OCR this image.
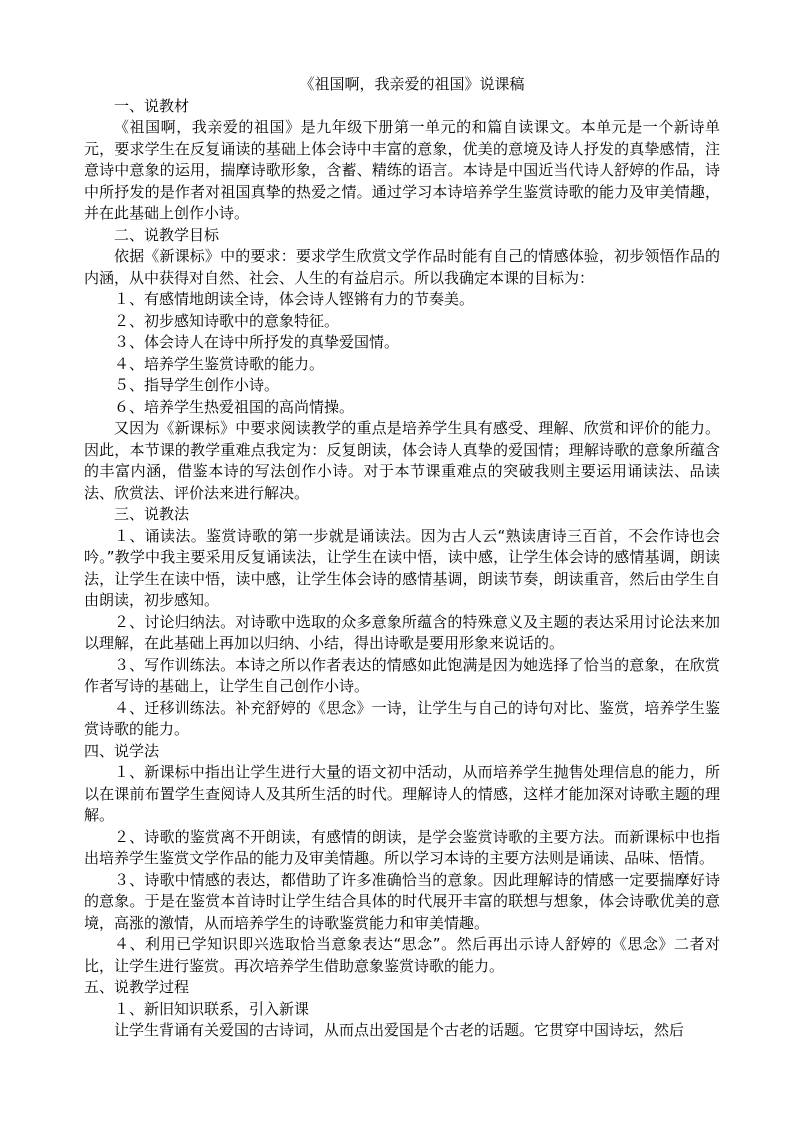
《祖国啊，我亲爱的祖国》说课稿
一、说教材
《祖国啊，我亲爱的祖国》是九年级下册第一单元的和篇自读课文。本单元是一个新诗单元，要求学生在反复诵读的基础上体会诗中丰富的意象，优美的意境及诗人抒发的真挚感情，注意诗中意象的运用，揣摩诗歌形象，含蓄、精练的语言。本诗是中国近当代诗人舒婷的作品，诗中所抒发的是作者对祖国真挚的热爱之情。通过学习本诗培养学生鉴赏诗歌的能力及审美情趣，并在此基础上创作小诗。
二、说教学目标
依据《新课标》中的要求：要求学生欣赏文学作品时能有自己的情感体验，初步领悟作品的内涵，从中获得对自然、社会、人生的有益启示。所以我确定本课的目标为：
１、有感情地朗读全诗，体会诗人铿锵有力的节奏美。
２、初步感知诗歌中的意象特征。
３、体会诗人在诗中所抒发的真挚爱国情。
４、培养学生鉴赏诗歌的能力。
５、指导学生创作小诗。
６、培养学生热爱祖国的高尚情操。
又因为《新课标》中要求阅读教学的重点是培养学生具有感受、理解、欣赏和评价的能力。因此，本节课的教学重难点我定为：反复朗读，体会诗人真挚的爱国情；理解诗歌的意象所蕴含的丰富内涵，借鉴本诗的写法创作小诗。对于本节课重难点的突破我则主要运用诵读法、品读法、欣赏法、评价法来进行解决。
三、说教法
１、诵读法。鉴赏诗歌的第一步就是诵读法。因为古人云“熟读唐诗三百首，不会作诗也会吟。”教学中我主要采用反复诵读法，让学生在读中悟，读中感，让学生体会诗的感情基调，朗读法，让学生在读中悟，读中感，让学生体会诗的感情基调，朗读节奏，朗读重音，然后由学生自由朗读，初步感知。
２、讨论归纳法。对诗歌中选取的众多意象所蕴含的特殊意义及主题的表达采用讨论法来加以理解，在此基础上再加以归纳、小结，得出诗歌是要用形象来说话的。
３、写作训练法。本诗之所以作者表达的情感如此饱满是因为她选择了恰当的意象，在欣赏作者写诗的基础上，让学生自己创作小诗。
４、迁移训练法。补充舒婷的《思念》一诗，让学生与自己的诗句对比、鉴赏，培养学生鉴赏诗歌的能力。
四、说学法
１、新课标中指出让学生进行大量的语文初中活动，从而培养学生抛售处理信息的能力，所以在课前布置学生查阅诗人及其所生活的时代。理解诗人的情感，这样才能加深对诗歌主题的理解。
２、诗歌的鉴赏离不开朗读，有感情的朗读，是学会鉴赏诗歌的主要方法。而新课标中也指出培养学生鉴赏文学作品的能力及审美情趣。所以学习本诗的主要方法则是诵读、品味、悟情。
３、诗歌中情感的表达，都借助了许多准确恰当的意象。因此理解诗的情感一定要揣摩好诗的意象。于是在鉴赏本首诗时让学生结合具体的时代展开丰富的联想与想象，体会诗歌优美的意境，高涨的激情，从而培养学生的诗歌鉴赏能力和审美情趣。
４、利用已学知识即兴选取恰当意象表达“思念”。然后再出示诗人舒婷的《思念》二者对比，让学生进行鉴赏。再次培养学生借助意象鉴赏诗歌的能力。
五、说教学过程
１、新旧知识联系，引入新课
让学生背诵有关爱国的古诗词，从而点出爱国是个古老的话题。它贯穿中国诗坛，然后
